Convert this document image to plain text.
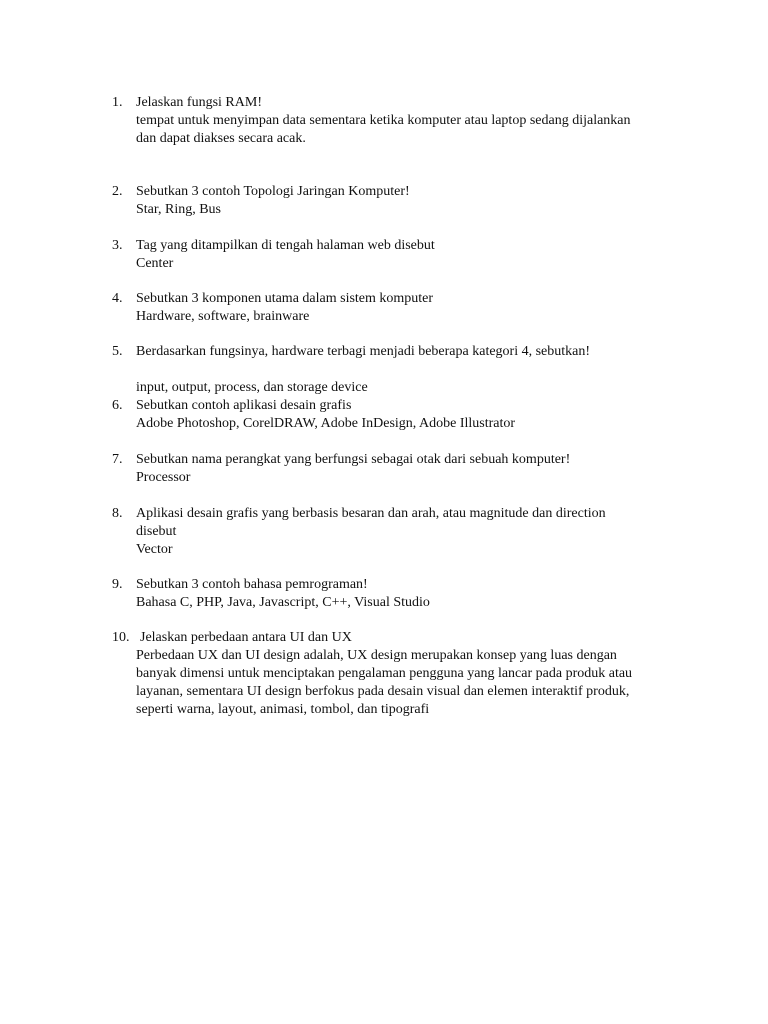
1. Jelaskan fungsi RAM!
tempat untuk menyimpan data sementara ketika komputer atau laptop sedang dijalankan
dan dapat diakses secara acak.
2. Sebutkan 3 contoh Topologi Jaringan Komputer!
Star, Ring, Bus
3. Tag yang ditampilkan di tengah halaman web disebut
Center
4. Sebutkan 3 komponen utama dalam sistem komputer
Hardware, software, brainware
5. Berdasarkan fungsinya, hardware terbagi menjadi beberapa kategori 4, sebutkan!
input, output, process, dan storage device
6. Sebutkan contoh aplikasi desain grafis
Adobe Photoshop, CorelDRAW, Adobe InDesign, Adobe Illustrator
7. Sebutkan nama perangkat yang berfungsi sebagai otak dari sebuah komputer!
Processor
8. Aplikasi desain grafis yang berbasis besaran dan arah, atau magnitude dan direction
disebut
Vector
9. Sebutkan 3 contoh bahasa pemrograman!
Bahasa C, PHP, Java, Javascript, C++, Visual Studio
10. Jelaskan perbedaan antara UI dan UX
Perbedaan UX dan UI design adalah, UX design merupakan konsep yang luas dengan
banyak dimensi untuk menciptakan pengalaman pengguna yang lancar pada produk atau
layanan, sementara UI design berfokus pada desain visual dan elemen interaktif produk,
seperti warna, layout, animasi, tombol, dan tipografi
